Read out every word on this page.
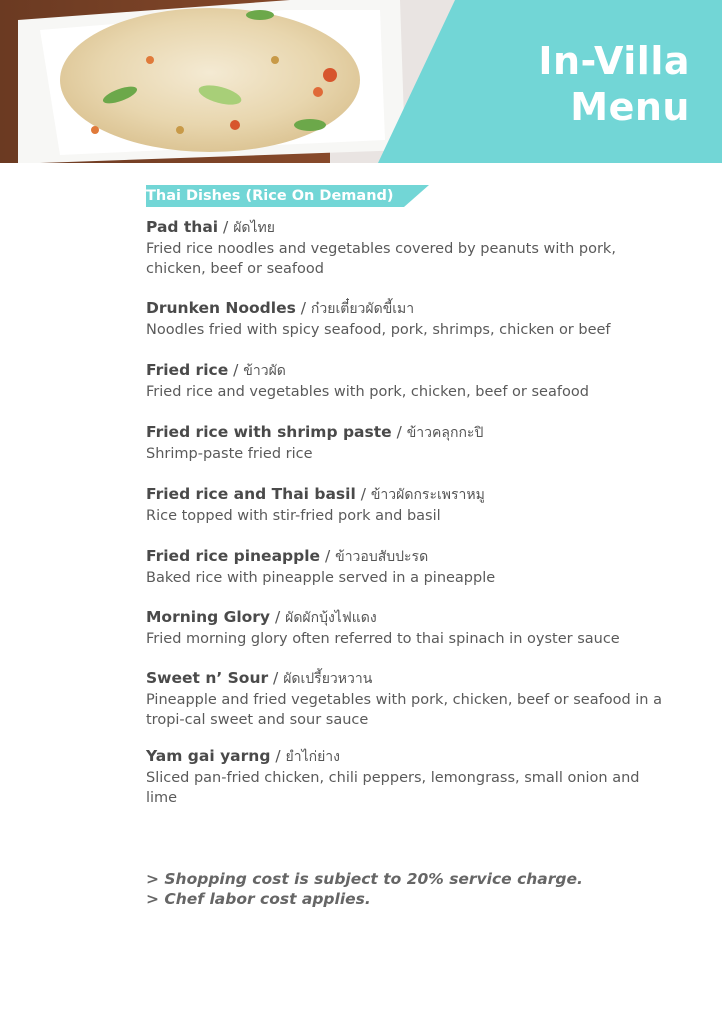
In-Villa
Menu
Thai Dishes (Rice On Demand)
Pad thai / ผัดไทย
Fried rice noodles and vegetables covered by peanuts with pork, chicken, beef or seafood
Drunken Noodles / ก๋วยเตี๋ยวผัดขี้เมา
Noodles fried with spicy seafood, pork, shrimps, chicken or beef
Fried rice / ข้าวผัด
Fried rice and vegetables with pork, chicken, beef or seafood
Fried rice with shrimp paste / ข้าวคลุกกะปิ
Shrimp-paste fried rice
Fried rice and Thai basil / ข้าวผัดกระเพราหมู
Rice topped with stir-fried pork and basil
Fried rice pineapple / ข้าวอบสับปะรด
Baked rice with pineapple served in a pineapple
Morning Glory / ผัดผักบุ้งไฟแดง
Fried morning glory often referred to thai spinach in oyster sauce
Sweet n’ Sour / ผัดเปรี้ยวหวาน
Pineapple and fried vegetables with pork, chicken, beef or seafood in a tropi-cal sweet and sour sauce
Yam gai yarng / ยำไก่ย่าง
Sliced pan-fried chicken, chili peppers, lemongrass, small onion and lime
> Shopping cost is subject to 20% service charge.
> Chef labor cost applies.
